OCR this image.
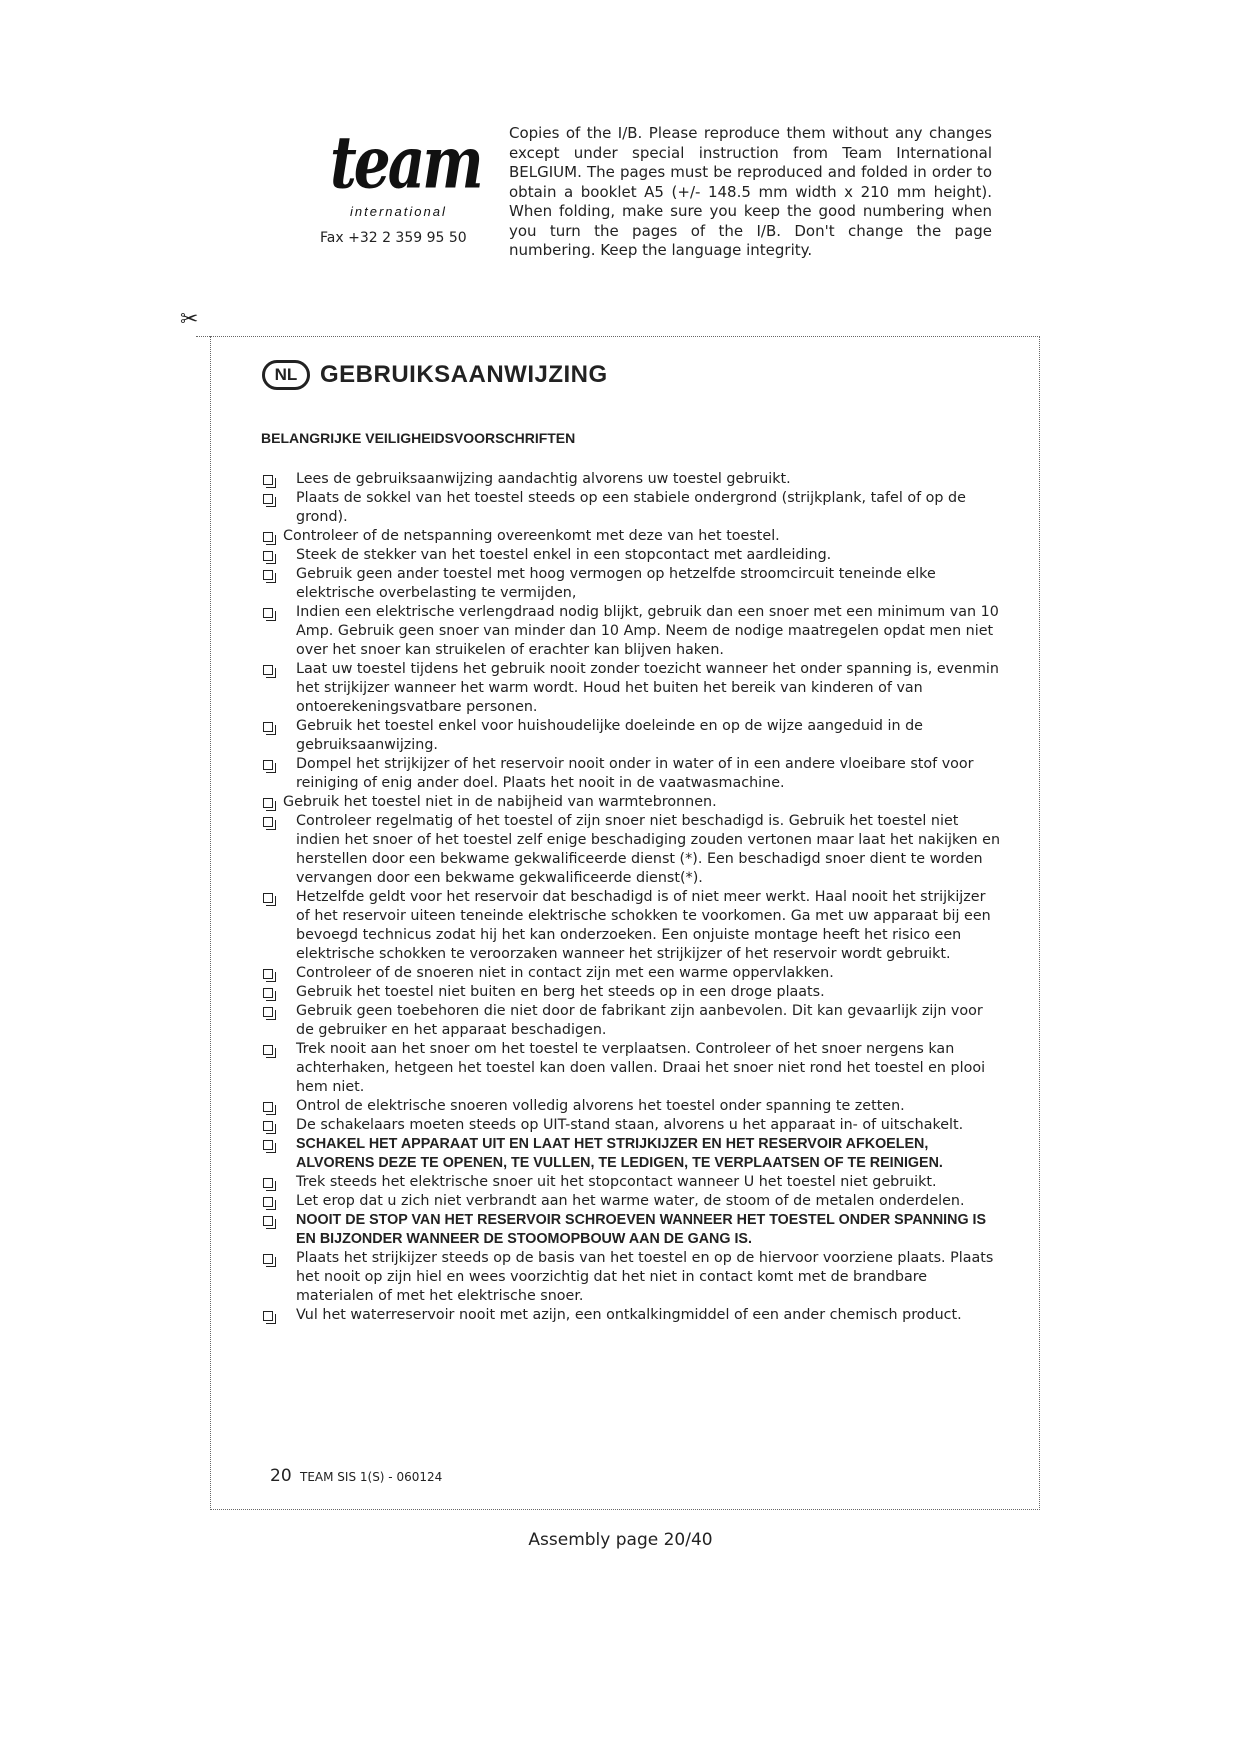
team
international
Fax +32 2 359 95 50
Copies of the I/B. Please reproduce them without any changes except under special instruction from Team International BELGIUM. The pages must be reproduced and folded in order to obtain a booklet A5 (+/- 148.5 mm width x 210 mm height). When folding, make sure you keep the good numbering when you turn the pages of the I/B. Don't change the page numbering. Keep the language integrity.
✂
NL GEBRUIKSAANWIJZING
BELANGRIJKE VEILIGHEIDSVOORSCHRIFTEN
Lees de gebruiksaanwijzing aandachtig alvorens uw toestel gebruikt.
Plaats de sokkel van het toestel steeds op een stabiele ondergrond (strijkplank, tafel of op de grond).
Controleer of de netspanning overeenkomt met deze van het toestel.
Steek de stekker van het toestel enkel in een stopcontact met aardleiding.
Gebruik geen ander toestel met hoog vermogen op hetzelfde stroomcircuit teneinde elke elektrische overbelasting te vermijden,
Indien een elektrische verlengdraad nodig blijkt, gebruik dan een snoer met een minimum van 10 Amp. Gebruik geen snoer van minder dan 10 Amp. Neem de nodige maatregelen opdat men niet over het snoer kan struikelen of erachter kan blijven haken.
Laat uw toestel tijdens het gebruik nooit zonder toezicht wanneer het onder spanning is, evenmin het strijkijzer wanneer het warm wordt. Houd het buiten het bereik van kinderen of van ontoerekeningsvatbare personen.
Gebruik het toestel enkel voor huishoudelijke doeleinde en op de wijze aangeduid in de gebruiksaanwijzing.
Dompel het strijkijzer of het reservoir nooit onder in water of in een andere vloeibare stof voor reiniging of enig ander doel. Plaats het nooit in de vaatwasmachine.
Gebruik het toestel niet in de nabijheid van warmtebronnen.
Controleer regelmatig of het toestel of zijn snoer niet beschadigd is. Gebruik het toestel niet indien het snoer of het toestel zelf enige beschadiging zouden vertonen maar laat het nakijken en herstellen door een bekwame gekwalificeerde dienst (*). Een beschadigd snoer dient te worden vervangen door een bekwame gekwalificeerde dienst(*).
Hetzelfde geldt voor het reservoir dat beschadigd is of niet meer werkt. Haal nooit het strijkijzer of het reservoir uiteen teneinde elektrische schokken te voorkomen. Ga met uw apparaat bij een bevoegd technicus zodat hij het kan onderzoeken. Een onjuiste montage heeft het risico een elektrische schokken te veroorzaken wanneer het strijkijzer of het reservoir wordt gebruikt.
Controleer of de snoeren niet in contact zijn met een warme oppervlakken.
Gebruik het toestel niet buiten en berg het steeds op in een droge plaats.
Gebruik geen toebehoren die niet door de fabrikant zijn aanbevolen. Dit kan gevaarlijk zijn voor de gebruiker en het apparaat beschadigen.
Trek nooit aan het snoer om het toestel te verplaatsen. Controleer of het snoer nergens kan achterhaken, hetgeen het toestel kan doen vallen. Draai het snoer niet rond het toestel en plooi hem niet.
Ontrol de elektrische snoeren volledig alvorens het toestel onder spanning te zetten.
De schakelaars moeten steeds op UIT-stand staan, alvorens u het apparaat in- of uitschakelt.
SCHAKEL HET APPARAAT UIT EN LAAT HET STRIJKIJZER EN HET RESERVOIR AFKOELEN, ALVORENS DEZE TE OPENEN, TE VULLEN, TE LEDIGEN, TE VERPLAATSEN OF TE REINIGEN.
Trek steeds het elektrische snoer uit het stopcontact wanneer U het toestel niet gebruikt.
Let erop dat u zich niet verbrandt aan het warme water, de stoom of de metalen onderdelen.
NOOIT DE STOP VAN HET RESERVOIR SCHROEVEN WANNEER HET TOESTEL ONDER SPANNING IS EN BIJZONDER WANNEER DE STOOMOPBOUW AAN DE GANG IS.
Plaats het strijkijzer steeds op de basis van het toestel en op de hiervoor voorziene plaats. Plaats het nooit op zijn hiel en wees voorzichtig dat het niet in contact komt met de brandbare materialen of met het elektrische snoer.
Vul het waterreservoir nooit met azijn, een ontkalkingmiddel of een ander chemisch product.
20 TEAM SIS 1(S) - 060124
Assembly page 20/40
